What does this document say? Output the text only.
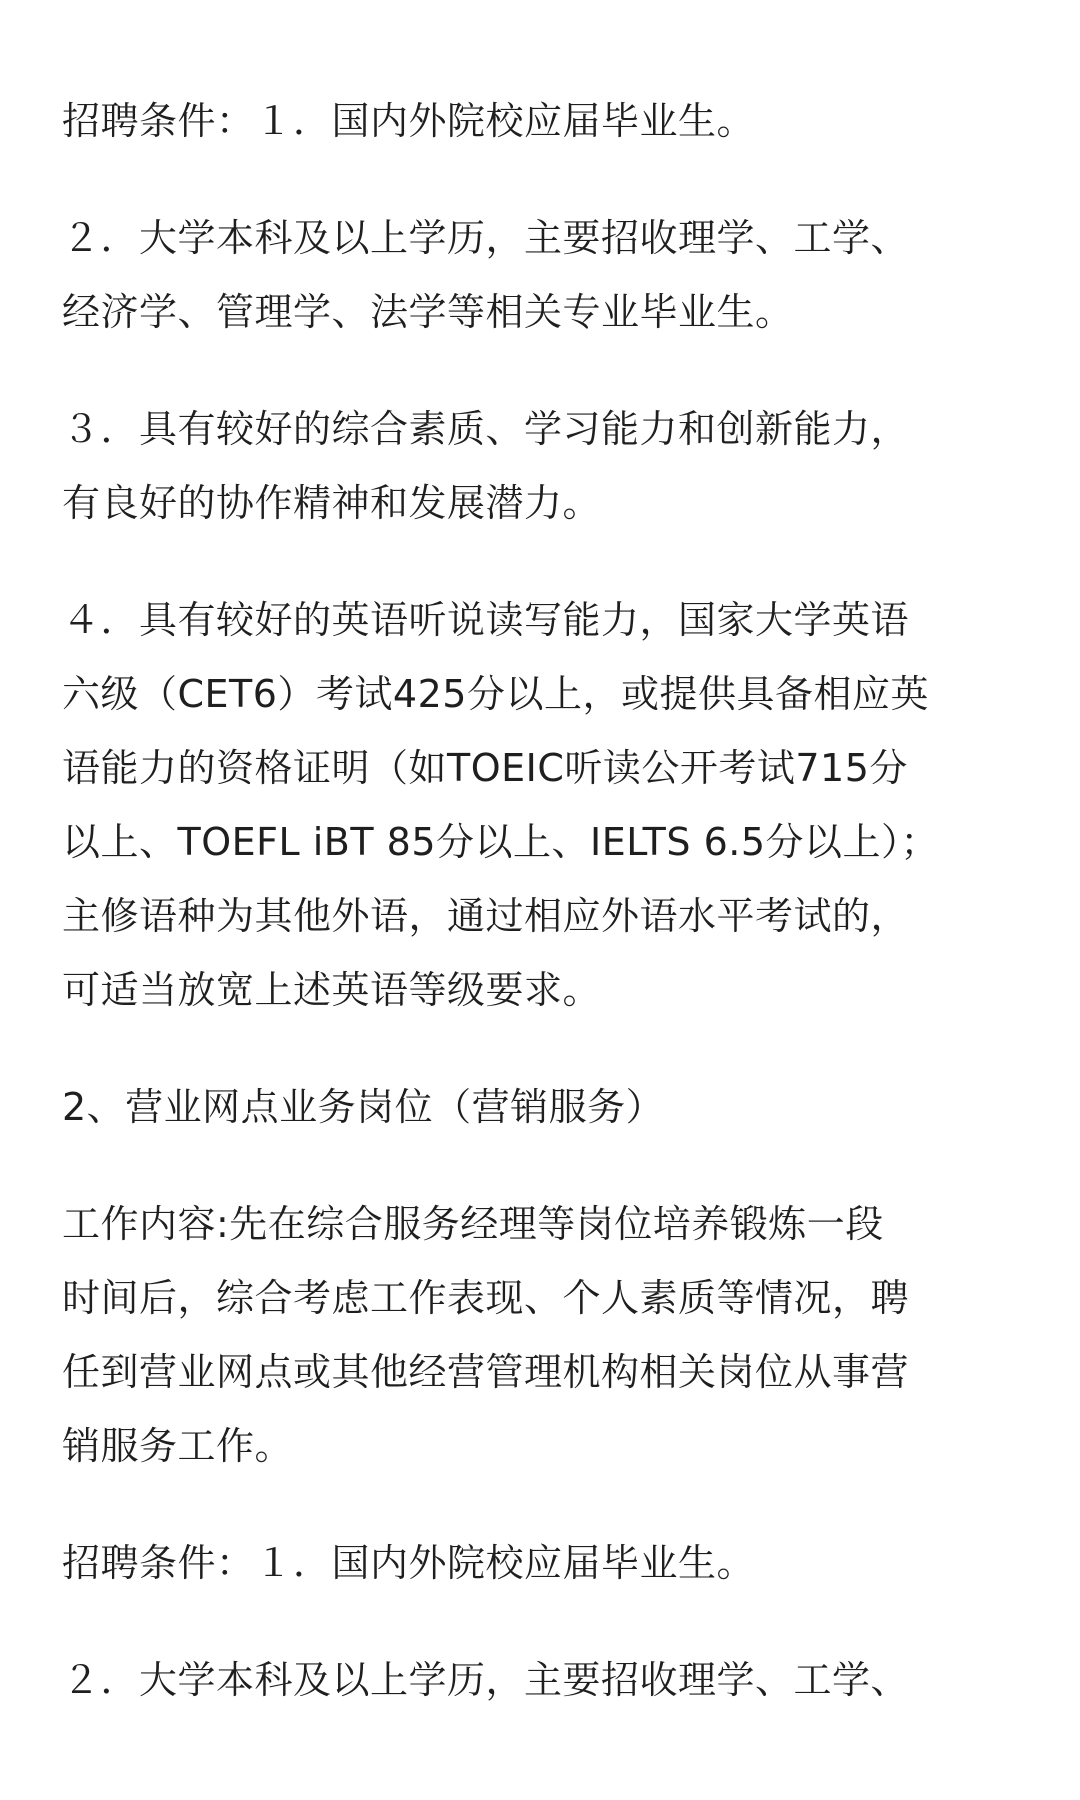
招聘条件：１．国内外院校应届毕业生。

２．大学本科及以上学历，主要招收理学、工学、
经济学、管理学、法学等相关专业毕业生。

３．具有较好的综合素质、学习能力和创新能力，
有良好的协作精神和发展潜力。

４．具有较好的英语听说读写能力，国家大学英语
六级（CET6）考试425分以上，或提供具备相应英
语能力的资格证明（如TOEIC听读公开考试715分
以上、TOEFL iBT 85分以上、IELTS 6.5分以上）；
主修语种为其他外语，通过相应外语水平考试的，
可适当放宽上述英语等级要求。

2、营业网点业务岗位（营销服务）

工作内容:先在综合服务经理等岗位培养锻炼一段
时间后，综合考虑工作表现、个人素质等情况，聘
任到营业网点或其他经营管理机构相关岗位从事营
销服务工作。

招聘条件：１．国内外院校应届毕业生。

２．大学本科及以上学历，主要招收理学、工学、
